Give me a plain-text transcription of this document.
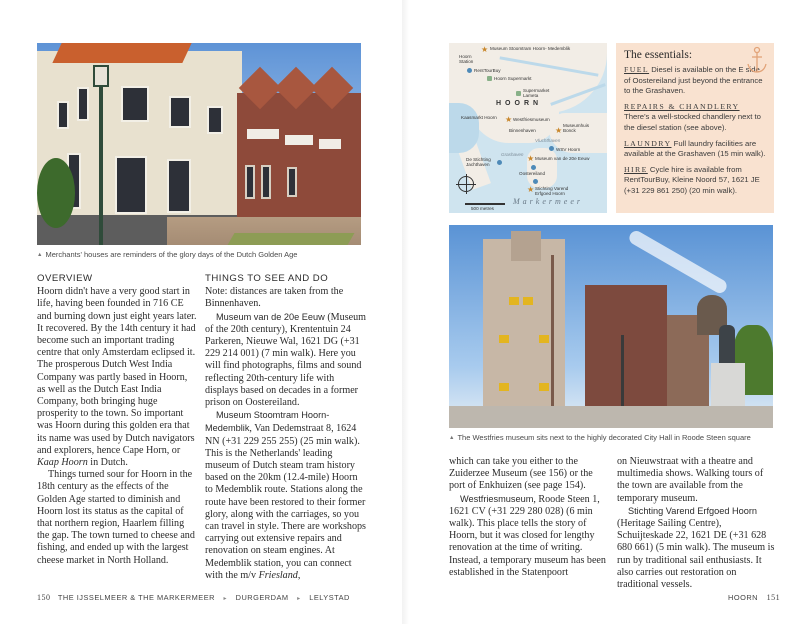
▲ Merchants' houses are reminders of the glory days of the Dutch Golden Age
OVERVIEW

Hoorn didn't have a very good start in life, having been founded in 716 CE and burning down just eight years later. It recovered. By the 14th century it had become such an important trading centre that only Amsterdam eclipsed it. The prosperous Dutch West India Company was partly based in Hoorn, as well as the Dutch East India Company, both bringing huge prosperity to the town. So important was Hoorn during this golden era that its name was used by Dutch navigators and explorers, hence Cape Horn, or Kaap Hoorn in Dutch.

Things turned sour for Hoorn in the 18th century as the effects of the Golden Age started to diminish and Hoorn lost its status as the capital of that northern region, Haarlem filling the gap. The town turned to cheese and fishing, and ended up with the largest cheese market in North Holland.

THINGS TO SEE AND DO

Note: distances are taken from the Binnenhaven.

Museum van de 20e Eeuw (Museum of the 20th century), Krententuin 24 Parkeren, Nieuwe Wal, 1621 DG (+31 229 214 001) (7 min walk). Here you will find photographs, films and sound reflecting 20th-century life with displays based on decades in a former prison on Oostereiland.

Museum Stoomtram Hoorn-Medemblik, Van Dedemstraat 8, 1624 NN (+31 229 255 255) (25 min walk). This is the Netherlands' leading museum of Dutch steam tram history based on the 20km (12.4-mile) Hoorn to Medemblik route. Stations along the route have been restored to their former glory, along with the carriages, so you can travel in style. There are workshops carrying out extensive repairs and renovation on steam engines. At Medemblik station, you can connect with the m/v Friesland,

150 THE IJSSELMEER & THE MARKERMEER ▸ DURGERDAM ▸ LELYSTAD
★ Museum Stoomtram Hoorn- Medemblik
Hoorn Station
RentTourBuy
Hoorn Supermarkt
Supermarket Lameta
HOORN
Kaasmarkt Hoorn ★ Westfriesmuseum
Binnenhaven ★
Museumhuis Bonck
Vluchthaven
WSV Hoorn
Grashaven
De Stichting Jachthaven
★ Museum van de 20e Eeuw
Oostereiland
★ Stichting Varend Erfgoed Hoorn
500 metres
Markermeer
The essentials:

FUEL Diesel is available on the E side of Oostereiland just beyond the entrance to the Grashaven.

REPAIRS & CHANDLERY There's a well-stocked chandlery next to the diesel station (see above).

LAUNDRY Full laundry facilities are available at the Grashaven (15 min walk).

HIRE Cycle hire is available from RentTourBuy, Kleine Noord 57, 1621 JE (+31 229 861 250) (20 min walk).

▲ The Westfries museum sits next to the highly decorated City Hall in Roode Steen square

which can take you either to the Zuiderzee Museum (see 156) or the port of Enkhuizen (see page 154).

Westfriesmuseum, Roode Steen 1, 1621 CV (+31 229 280 028) (6 min walk). This place tells the story of Hoorn, but it was closed for lengthy renovation at the time of writing. Instead, a temporary museum has been established in the Statenpoort

on Nieuwstraat with a theatre and multimedia shows. Walking tours of the town are available from the temporary museum.

Stichting Varend Erfgoed Hoorn (Heritage Sailing Centre), Schuijteskade 22, 1621 DE (+31 628 680 661) (5 min walk). The museum is run by traditional sail enthusiasts. It also carries out restoration on traditional vessels.

HOORN 151
